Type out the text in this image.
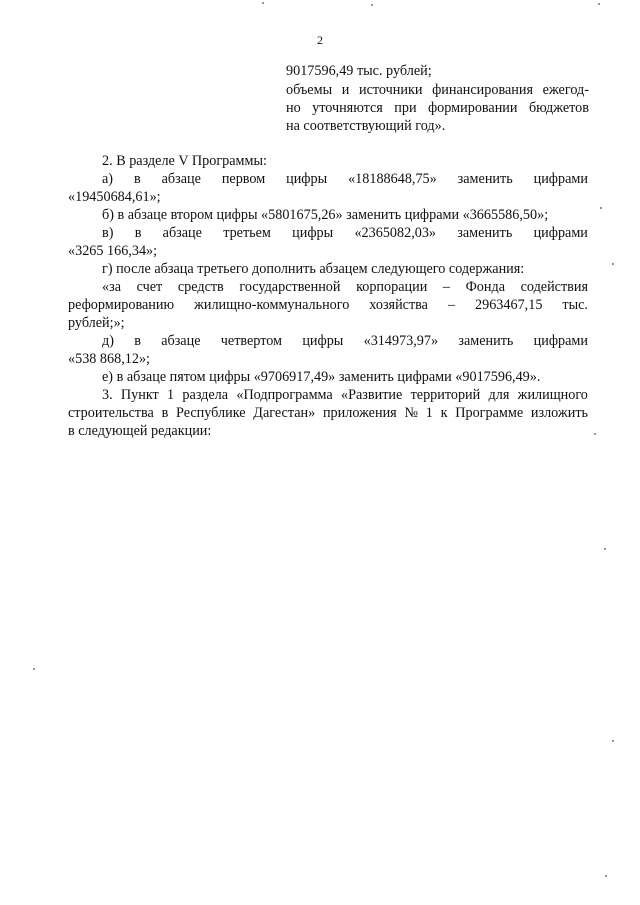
2
9017596,49 тыс. рублей;
объемы и источники финансирования ежегод-
но уточняются при формировании бюджетов
на соответствующий год».
2. В разделе V Программы:
а) в абзаце первом цифры «18188648,75» заменить цифрами
«19450684,61»;
б) в абзаце втором цифры «5801675,26» заменить цифрами «3665586,50»;
в) в абзаце третьем цифры «2365082,03» заменить цифрами
«3265 166,34»;
г) после абзаца третьего дополнить абзацем следующего содержания:
«за счет средств государственной корпорации – Фонда содействия
реформированию жилищно-коммунального хозяйства – 2963467,15 тыс.
рублей;»;
д) в абзаце четвертом цифры «314973,97» заменить цифрами
«538 868,12»;
е) в абзаце пятом цифры «9706917,49» заменить цифрами «9017596,49».
3. Пункт 1 раздела «Подпрограмма «Развитие территорий для жилищного
строительства в Республике Дагестан» приложения № 1 к Программе изложить
в следующей редакции:
